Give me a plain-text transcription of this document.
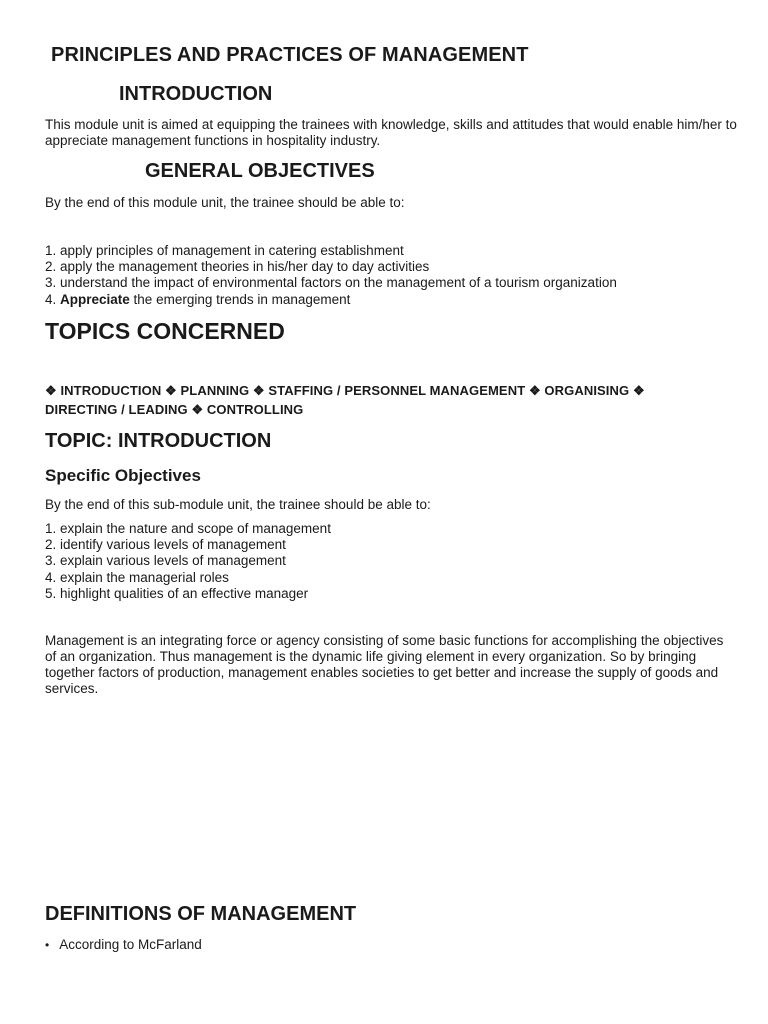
PRINCIPLES AND PRACTICES OF MANAGEMENT
INTRODUCTION

This module unit is aimed at equipping the trainees with knowledge, skills and attitudes that would enable him/her to appreciate management functions in hospitality industry.

GENERAL OBJECTIVES

By the end of this module unit, the trainee should be able to:

1. apply principles of management in catering establishment
2. apply the management theories in his/her day to day activities
3. understand the impact of environmental factors on the management of a tourism organization
4. Appreciate the emerging trends in management
TOPICS CONCERNED

❖ INTRODUCTION ❖ PLANNING ❖ STAFFING / PERSONNEL MANAGEMENT ❖ ORGANISING ❖ DIRECTING / LEADING ❖ CONTROLLING

TOPIC: INTRODUCTION
Specific Objectives

By the end of this sub-module unit, the trainee should be able to:

1. explain the nature and scope of management
2. identify various levels of management
3. explain various levels of management
4. explain the managerial roles
5. highlight qualities of an effective manager

Management is an integrating force or agency consisting of some basic functions for accomplishing the objectives of an organization. Thus management is the dynamic life giving element in every organization. So by bringing together factors of production, management enables societies to get better and increase the supply of goods and services.

DEFINITIONS OF MANAGEMENT
• According to McFarland
